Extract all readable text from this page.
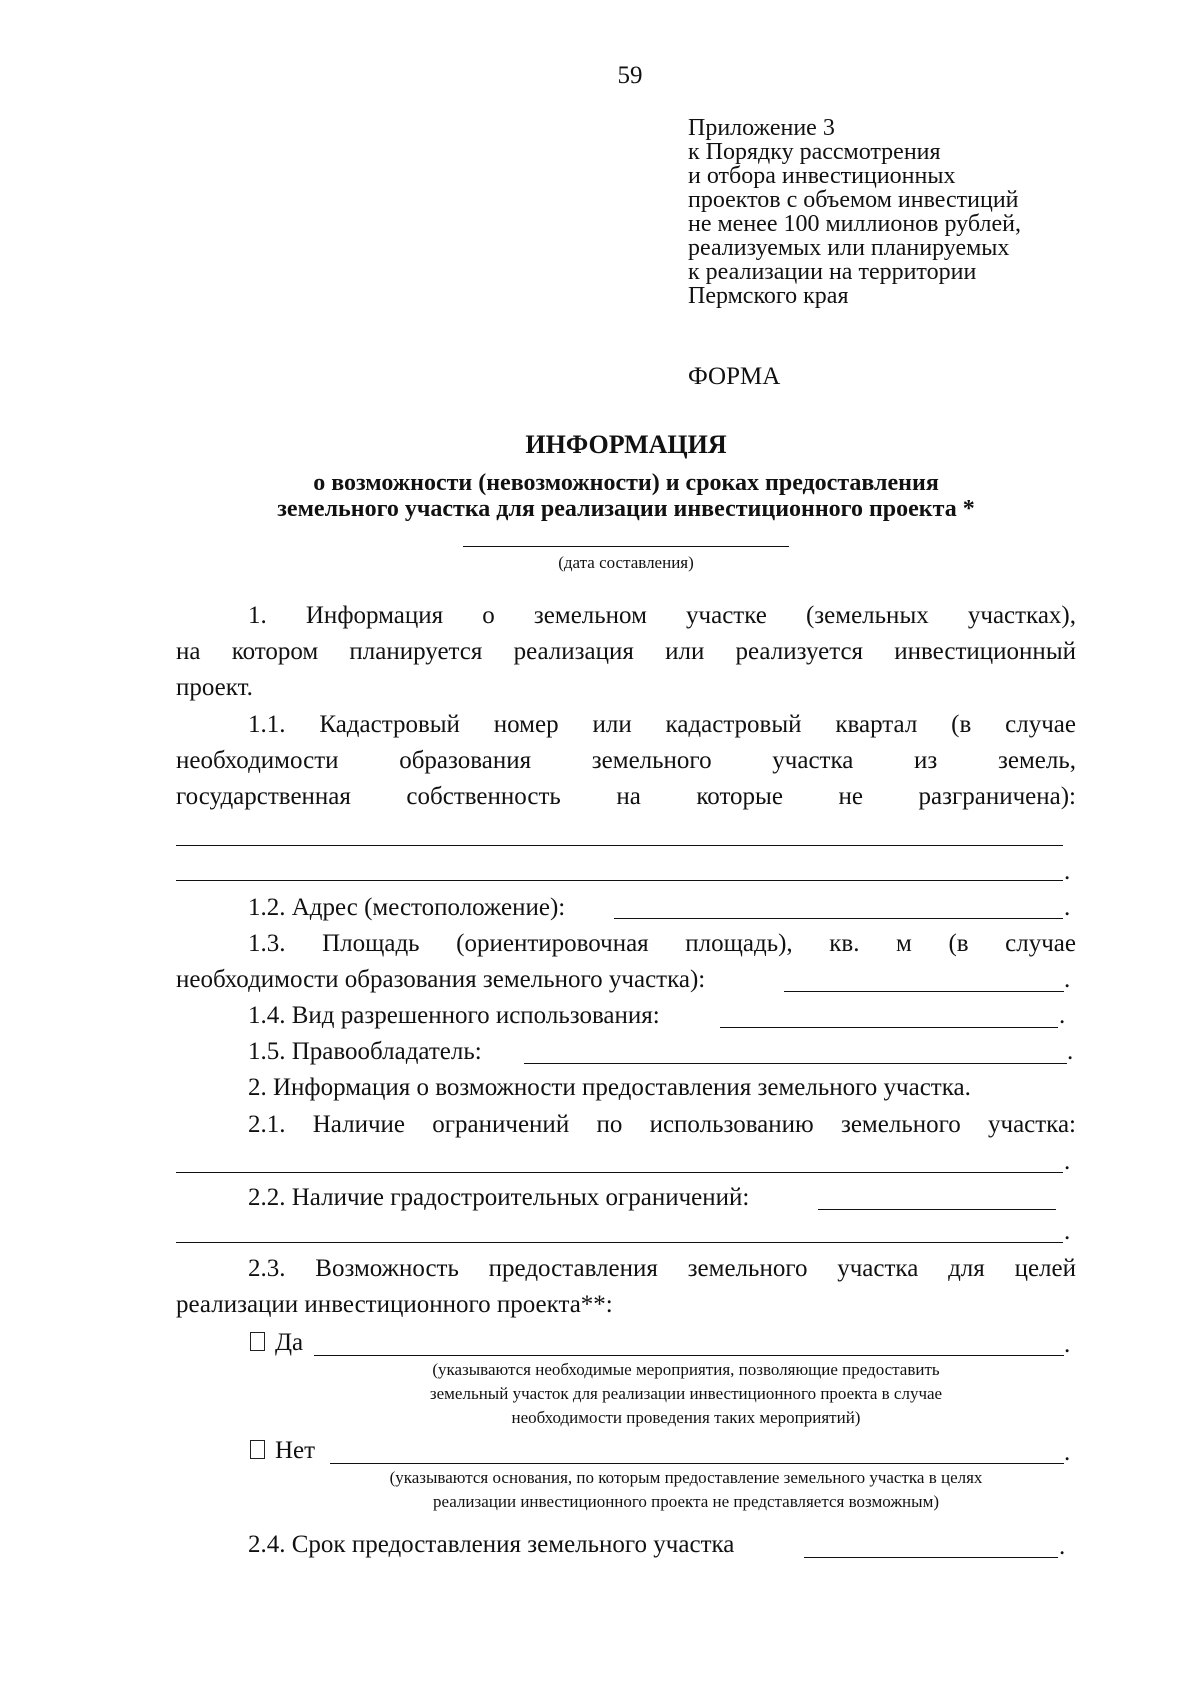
59
Приложение 3
к Порядку рассмотрения
и отбора инвестиционных
проектов с объемом инвестиций
не менее 100 миллионов рублей,
реализуемых или планируемых
к реализации на территории
Пермского края
ФОРМА
ИНФОРМАЦИЯ
о возможности (невозможности) и сроках предоставления
земельного участка для реализации инвестиционного проекта *
(дата составления)
1. Информация о земельном участке (земельных участках),
на котором планируется реализация или реализуется инвестиционный
проект.
1.1. Кадастровый номер или кадастровый квартал (в случае
необходимости образования земельного участка из земель,
государственная собственность на которые не разграничена):
.
1.2. Адрес (местоположение):	.
1.3. Площадь (ориентировочная площадь), кв. м (в случае
необходимости образования земельного участка):	.
1.4. Вид разрешенного использования:	.
1.5. Правообладатель:	.
2. Информация о возможности предоставления земельного участка.
2.1. Наличие ограничений по использованию земельного участка:
.
2.2. Наличие градостроительных ограничений:
.
2.3. Возможность предоставления земельного участка для целей
реализации инвестиционного проекта**:
Да	.
(указываются необходимые мероприятия, позволяющие предоставить
земельный участок для реализации инвестиционного проекта в случае
необходимости проведения таких мероприятий)
Нет	.
(указываются основания, по которым предоставление земельного участка в целях
реализации инвестиционного проекта не представляется возможным)
2.4. Срок предоставления земельного участка	.
